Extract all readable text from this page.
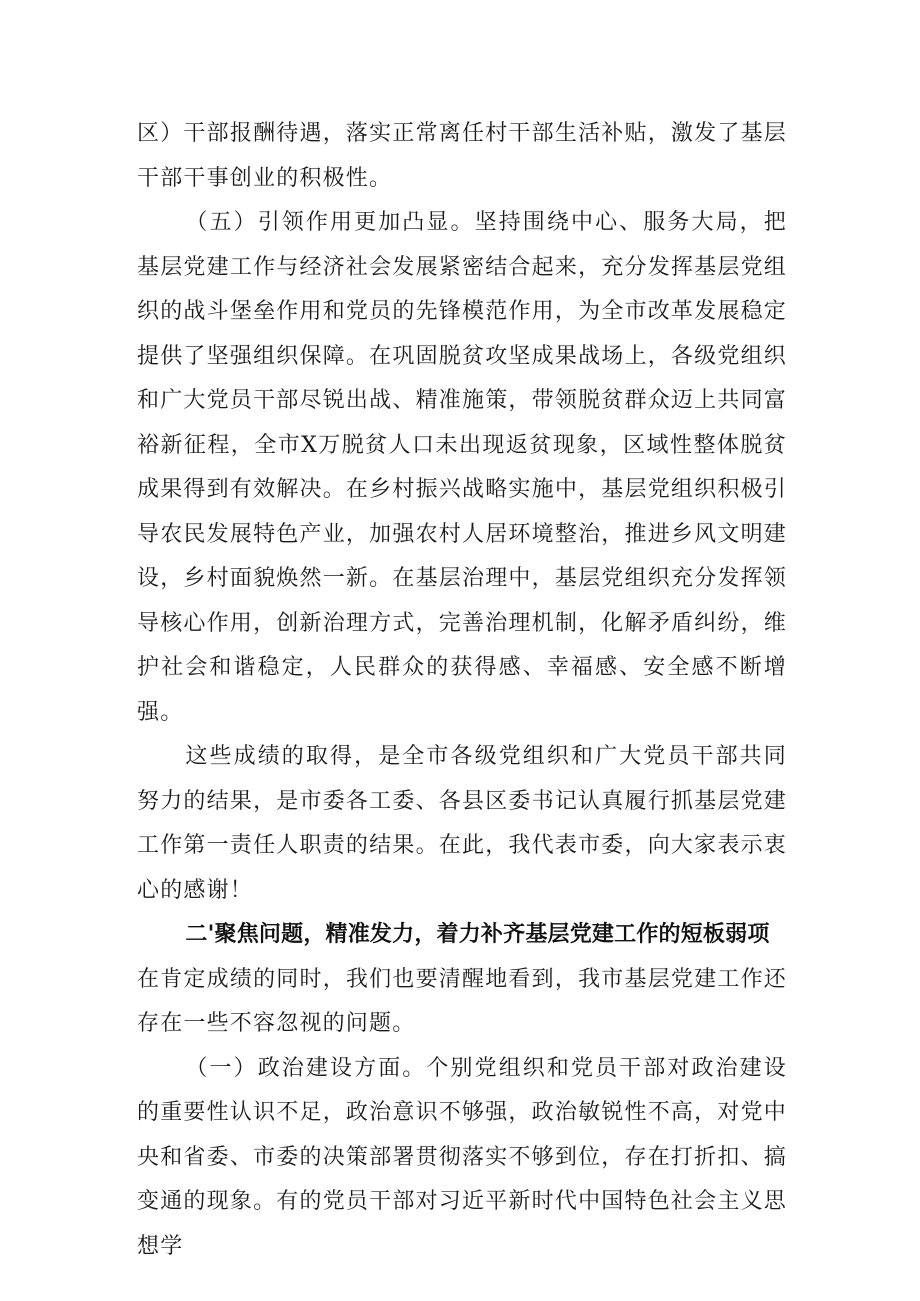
区）干部报酬待遇，落实正常离任村干部生活补贴，激发了基层干部干事创业的积极性。

（五）引领作用更加凸显。坚持围绕中心、服务大局，把基层党建工作与经济社会发展紧密结合起来，充分发挥基层党组织的战斗堡垒作用和党员的先锋模范作用，为全市改革发展稳定提供了坚强组织保障。在巩固脱贫攻坚成果战场上，各级党组织和广大党员干部尽锐出战、精准施策，带领脱贫群众迈上共同富裕新征程，全市X万脱贫人口未出现返贫现象，区域性整体脱贫成果得到有效解决。在乡村振兴战略实施中，基层党组织积极引导农民发展特色产业，加强农村人居环境整治，推进乡风文明建设，乡村面貌焕然一新。在基层治理中，基层党组织充分发挥领导核心作用，创新治理方式，完善治理机制，化解矛盾纠纷，维护社会和谐稳定，人民群众的获得感、幸福感、安全感不断增强。

这些成绩的取得，是全市各级党组织和广大党员干部共同努力的结果，是市委各工委、各县区委书记认真履行抓基层党建工作第一责任人职责的结果。在此，我代表市委，向大家表示衷心的感谢！

二'聚焦问题，精准发力，着力补齐基层党建工作的短板弱项

在肯定成绩的同时，我们也要清醒地看到，我市基层党建工作还存在一些不容忽视的问题。

（一）政治建设方面。个别党组织和党员干部对政治建设的重要性认识不足，政治意识不够强，政治敏锐性不高，对党中央和省委、市委的决策部署贯彻落实不够到位，存在打折扣、搞变通的现象。有的党员干部对习近平新时代中国特色社会主义思想学
